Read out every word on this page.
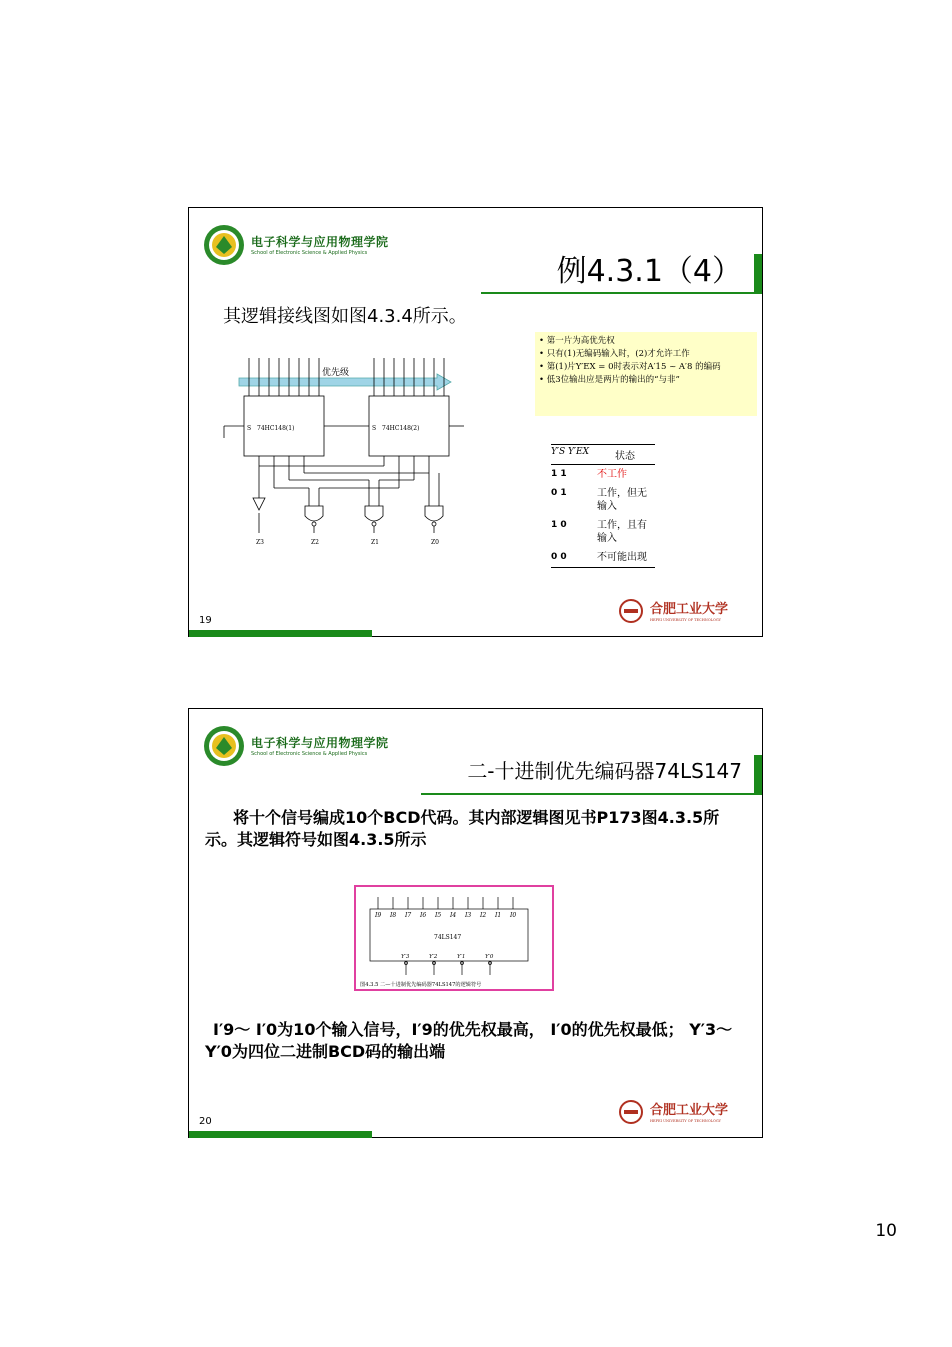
电子科学与应用物理学院
School of Electronic Science & Applied Physics
例4.3.1（4）
其逻辑接线图如图4.3.4所示。
优先级
74HC148(1)	74HC148(2)
S	S
Z3	Z2	Z1	Z0
• 第一片为高优先权
• 只有(1)无编码输入时，(2)才允许工作
• 第(1)片Y′EX = 0时表示对A′15 ~ A′8 的编码
• 低3位输出应是两片的输出的“与非”
Y′S Y′EX	状态
1 1	不工作
0 1	工作，但无输入
1 0	工作，且有输入
0 0	不可能出现
合肥工业大学
HEFEI UNIVERSITY OF TECHNOLOGY
19
电子科学与应用物理学院
School of Electronic Science & Applied Physics
二-十进制优先编码器74LS147
将十个信号编成10个BCD代码。其内部逻辑图见书P173图4.3.5所示。其逻辑符号如图4.3.5所示
I9 I8 I7 I6 I5 I4 I3 I2 I1 I0
74LS147
Y′3	Y′2	Y′1	Y′0
图4.3.5 二—十进制优先编码器74LS147的逻辑符号
I′9～ I′0为10个输入信号，I′9的优先权最高， I′0的优先权最低； Y′3～ Y′0为四位二进制BCD码的输出端
合肥工业大学
HEFEI UNIVERSITY OF TECHNOLOGY
20
10
